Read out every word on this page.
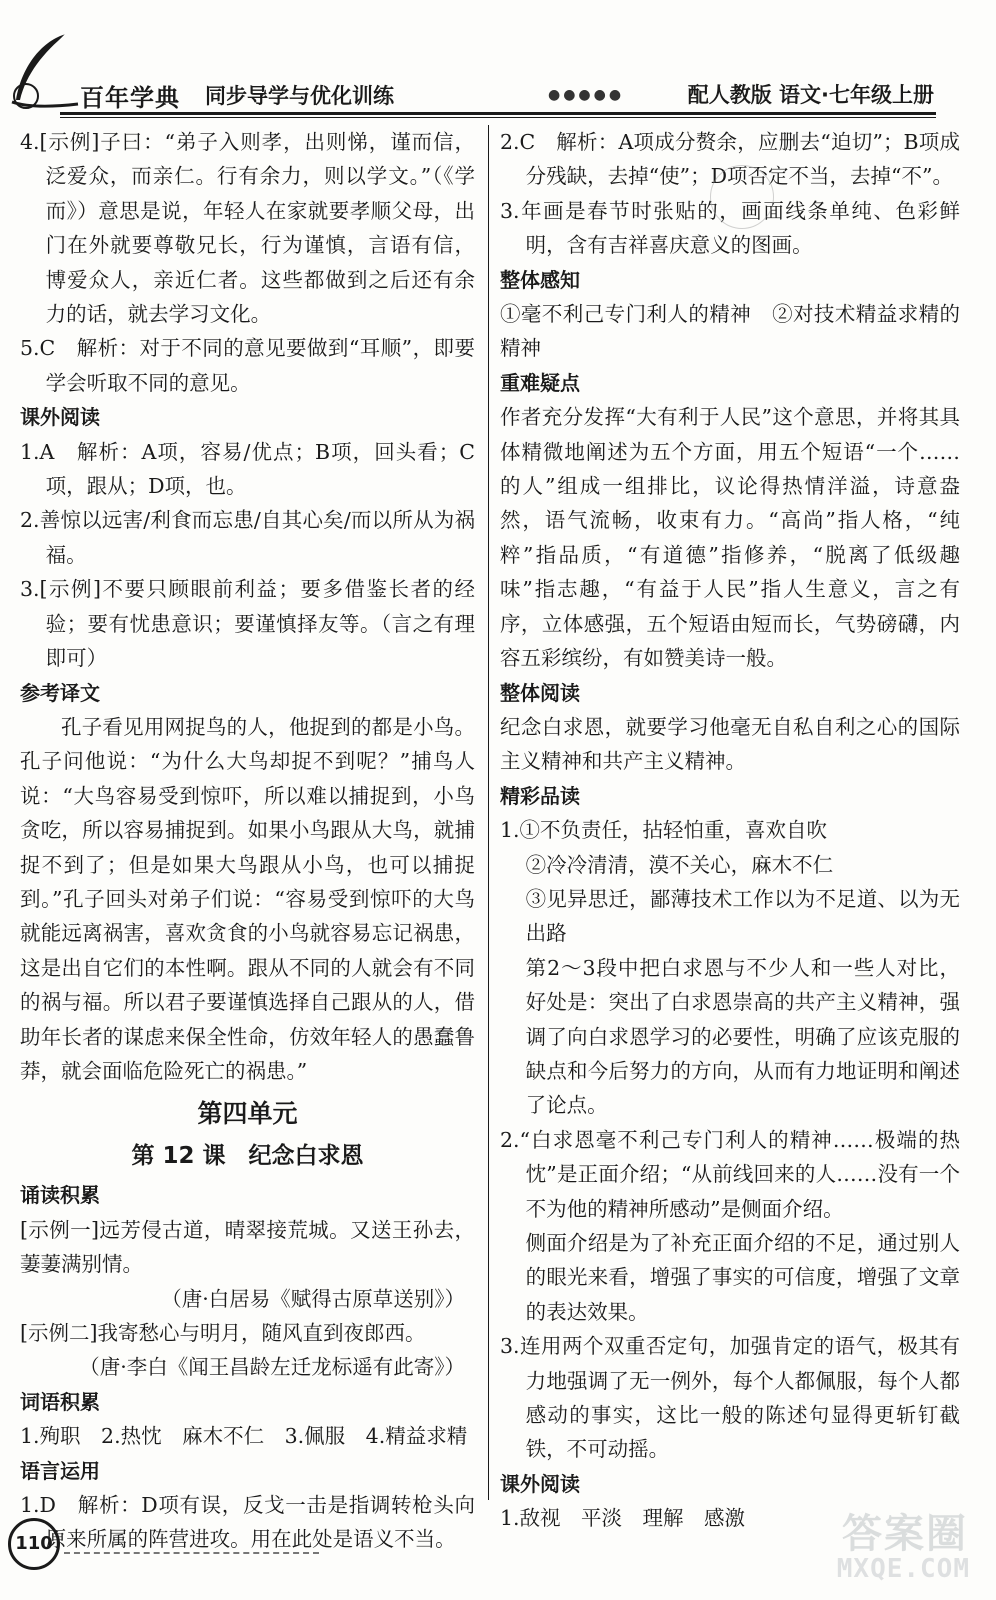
百年学典 同步导学与优化训练	●●●●●	配人教版 语文·七年级上册

4.[示例]子曰：“弟子入则孝，出则悌，谨而信，泛爱众，而亲仁。行有余力，则以学文。”（《学而》）意思是说，年轻人在家就要孝顺父母，出门在外就要尊敬兄长，行为谨慎，言语有信，博爱众人，亲近仁者。这些都做到之后还有余力的话，就去学习文化。

5.C　解析：对于不同的意见要做到“耳顺”，即要学会听取不同的意见。

课外阅读

1.A　解析：A项，容易/优点；B项，回头看；C项，跟从；D项，也。

2.善惊以远害/利食而忘患/自其心矣/而以所从为祸福。

3.[示例]不要只顾眼前利益；要多借鉴长者的经验；要有忧患意识；要谨慎择友等。（言之有理即可）

参考译文

孔子看见用网捉鸟的人，他捉到的都是小鸟。孔子问他说：“为什么大鸟却捉不到呢？”捕鸟人说：“大鸟容易受到惊吓，所以难以捕捉到，小鸟贪吃，所以容易捕捉到。如果小鸟跟从大鸟，就捕捉不到了；但是如果大鸟跟从小鸟，也可以捕捉到。”孔子回头对弟子们说：“容易受到惊吓的大鸟就能远离祸害，喜欢贪食的小鸟就容易忘记祸患，这是出自它们的本性啊。跟从不同的人就会有不同的祸与福。所以君子要谨慎选择自己跟从的人，借助年长者的谋虑来保全性命，仿效年轻人的愚蠢鲁莽，就会面临危险死亡的祸患。”

第四单元

第 12 课　纪念白求恩

诵读积累

[示例一]远芳侵古道，晴翠接荒城。又送王孙去，萋萋满别情。

（唐·白居易《赋得古原草送别》）

[示例二]我寄愁心与明月，随风直到夜郎西。

（唐·李白《闻王昌龄左迁龙标遥有此寄》）

词语积累

1.殉职　2.热忱　麻木不仁　3.佩服　4.精益求精

语言运用

1.D　解析：D项有误，反戈一击是指调转枪头向原来所属的阵营进攻。用在此处是语义不当。

2.C　解析：A项成分赘余，应删去“迫切”；B项成分残缺，去掉“使”；D项否定不当，去掉“不”。

3.年画是春节时张贴的，画面线条单纯、色彩鲜明，含有吉祥喜庆意义的图画。

整体感知

①毫不利己专门利人的精神　②对技术精益求精的精神

重难疑点

作者充分发挥“大有利于人民”这个意思，并将其具体精微地阐述为五个方面，用五个短语“一个……的人”组成一组排比，议论得热情洋溢，诗意盎然，语气流畅，收束有力。“高尚”指人格，“纯粹”指品质，“有道德”指修养，“脱离了低级趣味”指志趣，“有益于人民”指人生意义，言之有序，立体感强，五个短语由短而长，气势磅礴，内容五彩缤纷，有如赞美诗一般。

整体阅读

纪念白求恩，就要学习他毫无自私自利之心的国际主义精神和共产主义精神。

精彩品读

1.①不负责任，拈轻怕重，喜欢自吹

②冷冷清清，漠不关心，麻木不仁

③见异思迁，鄙薄技术工作以为不足道、以为无出路

第2～3段中把白求恩与不少人和一些人对比，好处是：突出了白求恩崇高的共产主义精神，强调了向白求恩学习的必要性，明确了应该克服的缺点和今后努力的方向，从而有力地证明和阐述了论点。

2.“白求恩毫不利己专门利人的精神……极端的热忱”是正面介绍；“从前线回来的人……没有一个不为他的精神所感动”是侧面介绍。

侧面介绍是为了补充正面介绍的不足，通过别人的眼光来看，增强了事实的可信度，增强了文章的表达效果。

3.连用两个双重否定句，加强肯定的语气，极其有力地强调了无一例外，每个人都佩服，每个人都感动的事实，这比一般的陈述句显得更斩钉截铁，不可动摇。

课外阅读

1.敌视　平淡　理解　感激

110	答案圈
MXQE.COM
